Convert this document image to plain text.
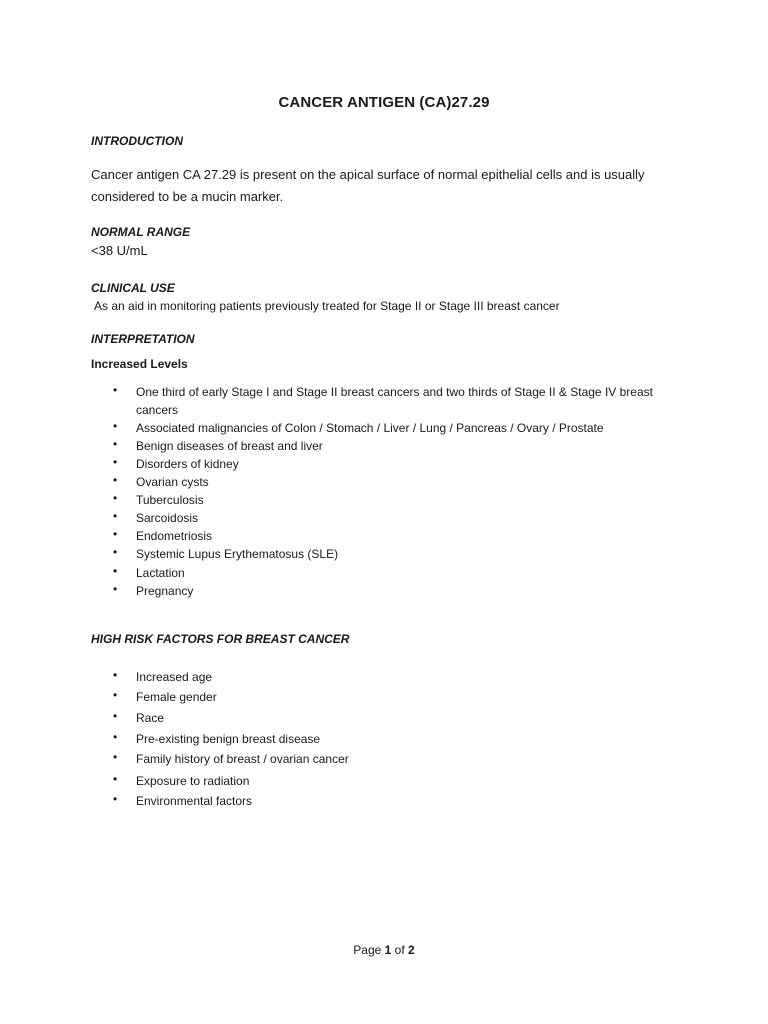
CANCER ANTIGEN (CA)27.29
INTRODUCTION
Cancer antigen CA 27.29 is present on the apical surface of normal epithelial cells and is usually
considered to be a mucin marker.
NORMAL RANGE
<38 U/mL
CLINICAL USE
As an aid in monitoring patients previously treated for Stage II or Stage III breast cancer
INTERPRETATION
Increased Levels
• One third of early Stage I and Stage II breast cancers and two thirds of Stage II & Stage IV breast
cancers
• Associated malignancies of Colon / Stomach / Liver / Lung / Pancreas / Ovary / Prostate
• Benign diseases of breast and liver
• Disorders of kidney
• Ovarian cysts
• Tuberculosis
• Sarcoidosis
• Endometriosis
• Systemic Lupus Erythematosus (SLE)
• Lactation
• Pregnancy
HIGH RISK FACTORS FOR BREAST CANCER
• Increased age
• Female gender
• Race
• Pre-existing benign breast disease
• Family history of breast / ovarian cancer
• Exposure to radiation
• Environmental factors
Page 1 of 2
